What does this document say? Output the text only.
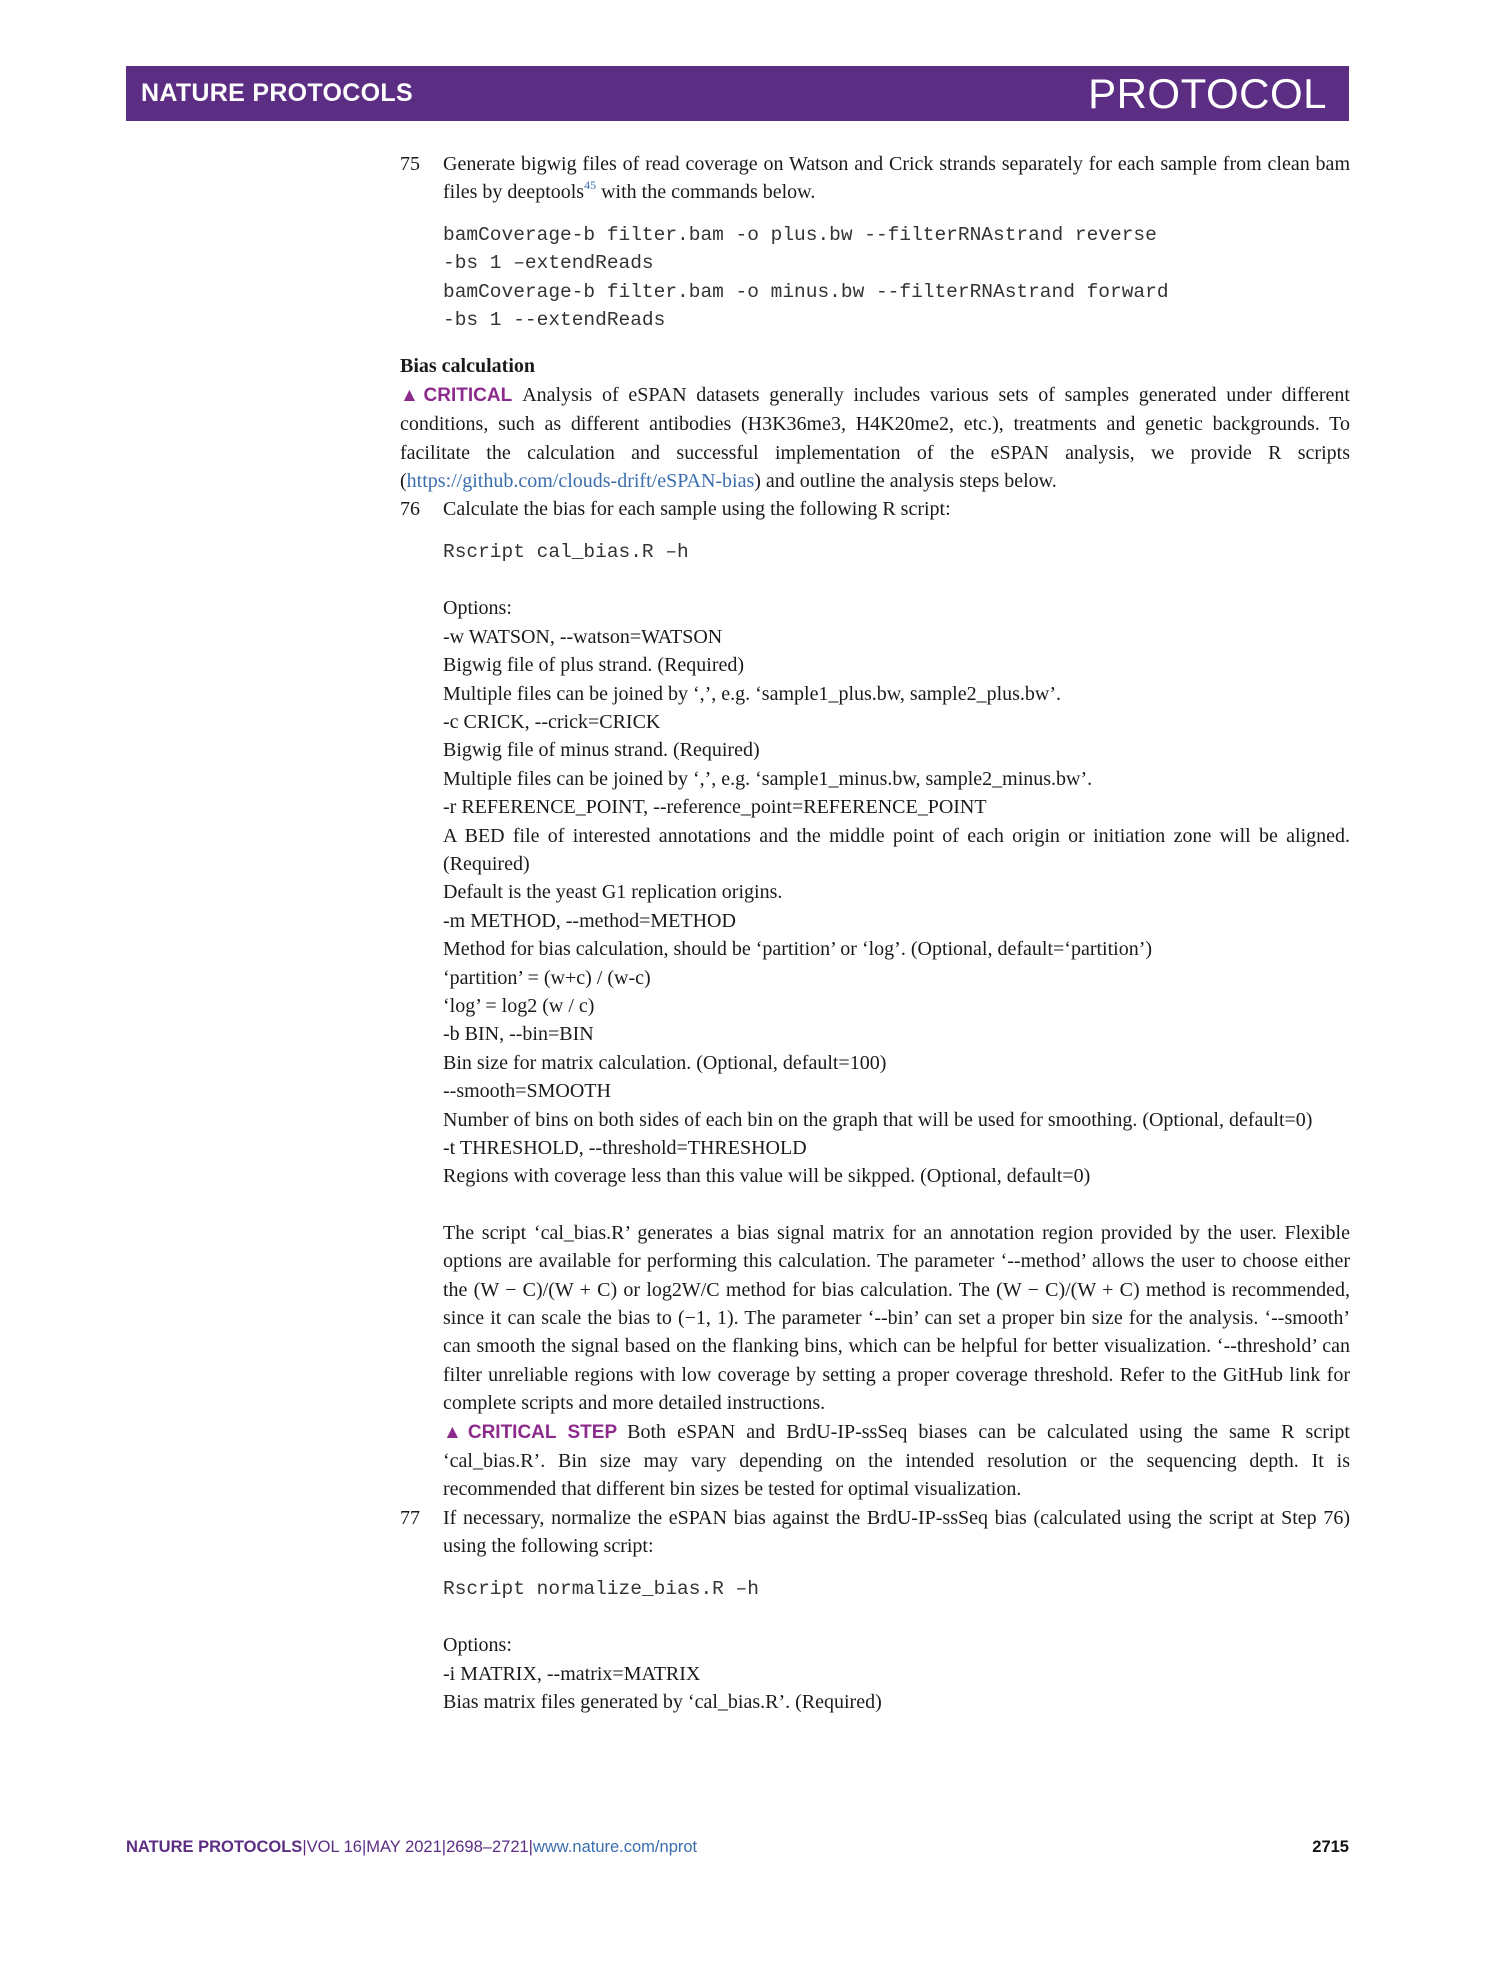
NATURE PROTOCOLS	PROTOCOL
75 Generate bigwig files of read coverage on Watson and Crick strands separately for each sample from clean bam files by deeptools$^{45}$ with the commands below.
bamCoverage-b filter.bam -o plus.bw --filterRNAstrand reverse
-bs 1 –extendReads
bamCoverage-b filter.bam -o minus.bw --filterRNAstrand forward
-bs 1 --extendReads
Bias calculation
▲CRITICAL Analysis of eSPAN datasets generally includes various sets of samples generated under different conditions, such as different antibodies (H3K36me3, H4K20me2, etc.), treatments and genetic backgrounds. To facilitate the calculation and successful implementation of the eSPAN analysis, we provide R scripts (https://github.com/clouds-drift/eSPAN-bias) and outline the analysis steps below.
76 Calculate the bias for each sample using the following R script:
Rscript cal_bias.R –h
Options:
-w WATSON, --watson=WATSON
Bigwig file of plus strand. (Required)
Multiple files can be joined by ‘,’, e.g. ‘sample1_plus.bw, sample2_plus.bw’.
-c CRICK, --crick=CRICK
Bigwig file of minus strand. (Required)
Multiple files can be joined by ‘,’, e.g. ‘sample1_minus.bw, sample2_minus.bw’.
-r REFERENCE_POINT, --reference_point=REFERENCE_POINT
A BED file of interested annotations and the middle point of each origin or initiation zone will be aligned. (Required)
Default is the yeast G1 replication origins.
-m METHOD, --method=METHOD
Method for bias calculation, should be ‘partition’ or ‘log’. (Optional, default=‘partition’)
‘partition’ = (w+c) / (w-c)
‘log’ = log2 (w / c)
-b BIN, --bin=BIN
Bin size for matrix calculation. (Optional, default=100)
--smooth=SMOOTH
Number of bins on both sides of each bin on the graph that will be used for smoothing. (Optional, default=0)
-t THRESHOLD, --threshold=THRESHOLD
Regions with coverage less than this value will be sikpped. (Optional, default=0)
The script ‘cal_bias.R’ generates a bias signal matrix for an annotation region provided by the user. Flexible options are available for performing this calculation. The parameter ‘--method’ allows the user to choose either the (W − C)/(W + C) or log2W/C method for bias calculation. The (W − C)/(W + C) method is recommended, since it can scale the bias to (−1, 1). The parameter ‘--bin’ can set a proper bin size for the analysis. ‘--smooth’ can smooth the signal based on the flanking bins, which can be helpful for better visualization. ‘--threshold’ can filter unreliable regions with low coverage by setting a proper coverage threshold. Refer to the GitHub link for complete scripts and more detailed instructions.
▲CRITICAL STEP Both eSPAN and BrdU-IP-ssSeq biases can be calculated using the same R script ‘cal_bias.R’. Bin size may vary depending on the intended resolution or the sequencing depth. It is recommended that different bin sizes be tested for optimal visualization.
77 If necessary, normalize the eSPAN bias against the BrdU-IP-ssSeq bias (calculated using the script at Step 76) using the following script:
Rscript normalize_bias.R –h
Options:
-i MATRIX, --matrix=MATRIX
Bias matrix files generated by ‘cal_bias.R’. (Required)
NATURE PROTOCOLS|VOL 16|MAY 2021|2698–2721|www.nature.com/nprot	2715
